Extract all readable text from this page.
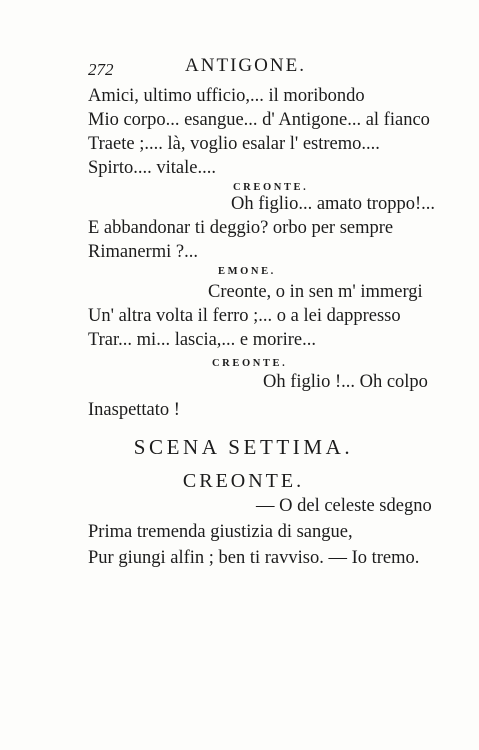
272	ANTIGONE.
Amici, ultimo ufficio,... il moribondo
Mio corpo... esangue... d' Antigone... al fianco
Traete ;.... là, voglio esalar l' estremo....
Spirto.... vitale....
CREONTE.
Oh figlio... amato troppo!...
E abbandonar ti deggio? orbo per sempre
Rimanermi ?...
EMONE.
Creonte, o in sen m' immergi
Un' altra volta il ferro ;... o a lei dappresso
Trar... mi... lascia,... e morire...
CREONTE.
Oh figlio !... Oh colpo
Inaspettato !
SCENA SETTIMA.
CREONTE.
— O del celeste sdegno
Prima tremenda giustizia di sangue,
Pur giungi alfin ; ben ti ravviso. — Io tremo.
